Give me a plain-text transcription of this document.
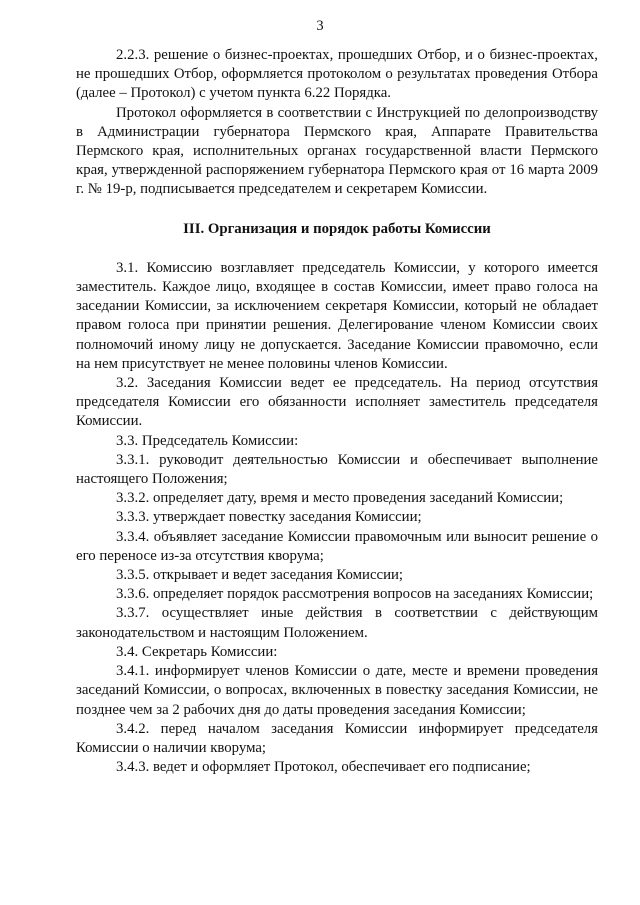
3

2.2.3. решение о бизнес-проектах, прошедших Отбор, и о бизнес-проектах, не прошедших Отбор, оформляется протоколом о результатах проведения Отбора (далее – Протокол) с учетом пункта 6.22 Порядка.

Протокол оформляется в соответствии с Инструкцией по делопроизводству в Администрации губернатора Пермского края, Аппарате Правительства Пермского края, исполнительных органах государственной власти Пермского края, утвержденной распоряжением губернатора Пермского края от 16 марта 2009 г. № 19-р, подписывается председателем и секретарем Комиссии.

III. Организация и порядок работы Комиссии

3.1. Комиссию возглавляет председатель Комиссии, у которого имеется заместитель. Каждое лицо, входящее в состав Комиссии, имеет право голоса на заседании Комиссии, за исключением секретаря Комиссии, который не обладает правом голоса при принятии решения. Делегирование членом Комиссии своих полномочий иному лицу не допускается. Заседание Комиссии правомочно, если на нем присутствует не менее половины членов Комиссии.

3.2. Заседания Комиссии ведет ее председатель. На период отсутствия председателя Комиссии его обязанности исполняет заместитель председателя Комиссии.

3.3. Председатель Комиссии:

3.3.1. руководит деятельностью Комиссии и обеспечивает выполнение настоящего Положения;

3.3.2. определяет дату, время и место проведения заседаний Комиссии;

3.3.3. утверждает повестку заседания Комиссии;

3.3.4. объявляет заседание Комиссии правомочным или выносит решение о его переносе из-за отсутствия кворума;

3.3.5. открывает и ведет заседания Комиссии;

3.3.6. определяет порядок рассмотрения вопросов на заседаниях Комиссии;

3.3.7. осуществляет иные действия в соответствии с действующим законодательством и настоящим Положением.

3.4. Секретарь Комиссии:

3.4.1. информирует членов Комиссии о дате, месте и времени проведения заседаний Комиссии, о вопросах, включенных в повестку заседания Комиссии, не позднее чем за 2 рабочих дня до даты проведения заседания Комиссии;

3.4.2. перед началом заседания Комиссии информирует председателя Комиссии о наличии кворума;

3.4.3. ведет и оформляет Протокол, обеспечивает его подписание;
